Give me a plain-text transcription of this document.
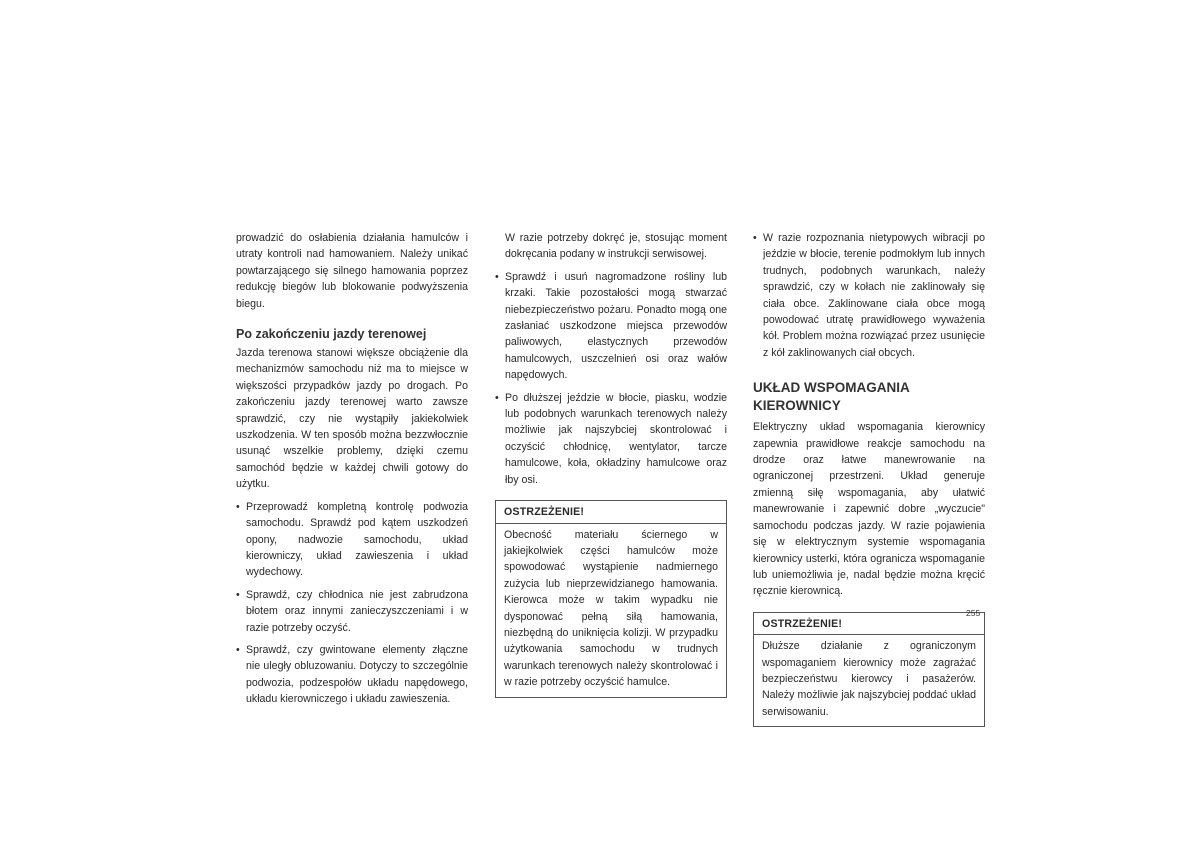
prowadzić do osłabienia działania hamulców i utraty kontroli nad hamowaniem. Należy unikać powtarzającego się silnego hamowania poprzez redukcję biegów lub blokowanie podwyższenia biegu.

Po zakończeniu jazdy terenowej

Jazda terenowa stanowi większe obciążenie dla mechanizmów samochodu niż ma to miejsce w większości przypadków jazdy po drogach. Po zakończeniu jazdy terenowej warto zawsze sprawdzić, czy nie wystąpiły jakiekolwiek uszkodzenia. W ten sposób można bezzwłocznie usunąć wszelkie problemy, dzięki czemu samochód będzie w każdej chwili gotowy do użytku.

• Przeprowadź kompletną kontrolę podwozia samochodu. Sprawdź pod kątem uszkodzeń opony, nadwozie samochodu, układ kierowniczy, układ zawieszenia i układ wydechowy.
• Sprawdź, czy chłodnica nie jest zabrudzona błotem oraz innymi zanieczyszczeniami i w razie potrzeby oczyść.
• Sprawdź, czy gwintowane elementy złączne nie uległy obluzowaniu. Dotyczy to szczególnie podwozia, podzespołów układu napędowego, układu kierowniczego i układu zawieszenia.

W razie potrzeby dokręć je, stosując moment dokręcania podany w instrukcji serwisowej.

• Sprawdź i usuń nagromadzone rośliny lub krzaki. Takie pozostałości mogą stwarzać niebezpieczeństwo pożaru. Ponadto mogą one zasłaniać uszkodzone miejsca przewodów paliwowych, elastycznych przewodów hamulcowych, uszczelnień osi oraz wałów napędowych.
• Po dłuższej jeździe w błocie, piasku, wodzie lub podobnych warunkach terenowych należy możliwie jak najszybciej skontrolować i oczyścić chłodnicę, wentylator, tarcze hamulcowe, koła, okładziny hamulcowe oraz łby osi.
OSTRZEŻENIE!

Obecność materiału ściernego w jakiejkolwiek części hamulców może spowodować wystąpienie nadmiernego zużycia lub nieprzewidzianego hamowania. Kierowca może w takim wypadku nie dysponować pełną siłą hamowania, niezbędną do uniknięcia kolizji. W przypadku użytkowania samochodu w trudnych warunkach terenowych należy skontrolować i w razie potrzeby oczyścić hamulce.

• W razie rozpoznania nietypowych wibracji po jeździe w błocie, terenie podmokłym lub innych trudnych, podobnych warunkach, należy sprawdzić, czy w kołach nie zaklinowały się ciała obce. Zaklinowane ciała obce mogą powodować utratę prawidłowego wyważenia kół. Problem można rozwiązać przez usunięcie z kół zaklinowanych ciał obcych.
UKŁAD WSPOMAGANIA KIEROWNICY

Elektryczny układ wspomagania kierownicy zapewnia prawidłowe reakcje samochodu na drodze oraz łatwe manewrowanie na ograniczonej przestrzeni. Układ generuje zmienną siłę wspomagania, aby ułatwić manewrowanie i zapewnić dobre „wyczucie" samochodu podczas jazdy. W razie pojawienia się w elektrycznym systemie wspomagania kierownicy usterki, która ogranicza wspomaganie lub uniemożliwia je, nadal będzie można kręcić ręcznie kierownicą.

OSTRZEŻENIE!

Dłuższe działanie z ograniczonym wspomaganiem kierownicy może zagrażać bezpieczeństwu kierowcy i pasażerów. Należy możliwie jak najszybciej poddać układ serwisowaniu.

255
